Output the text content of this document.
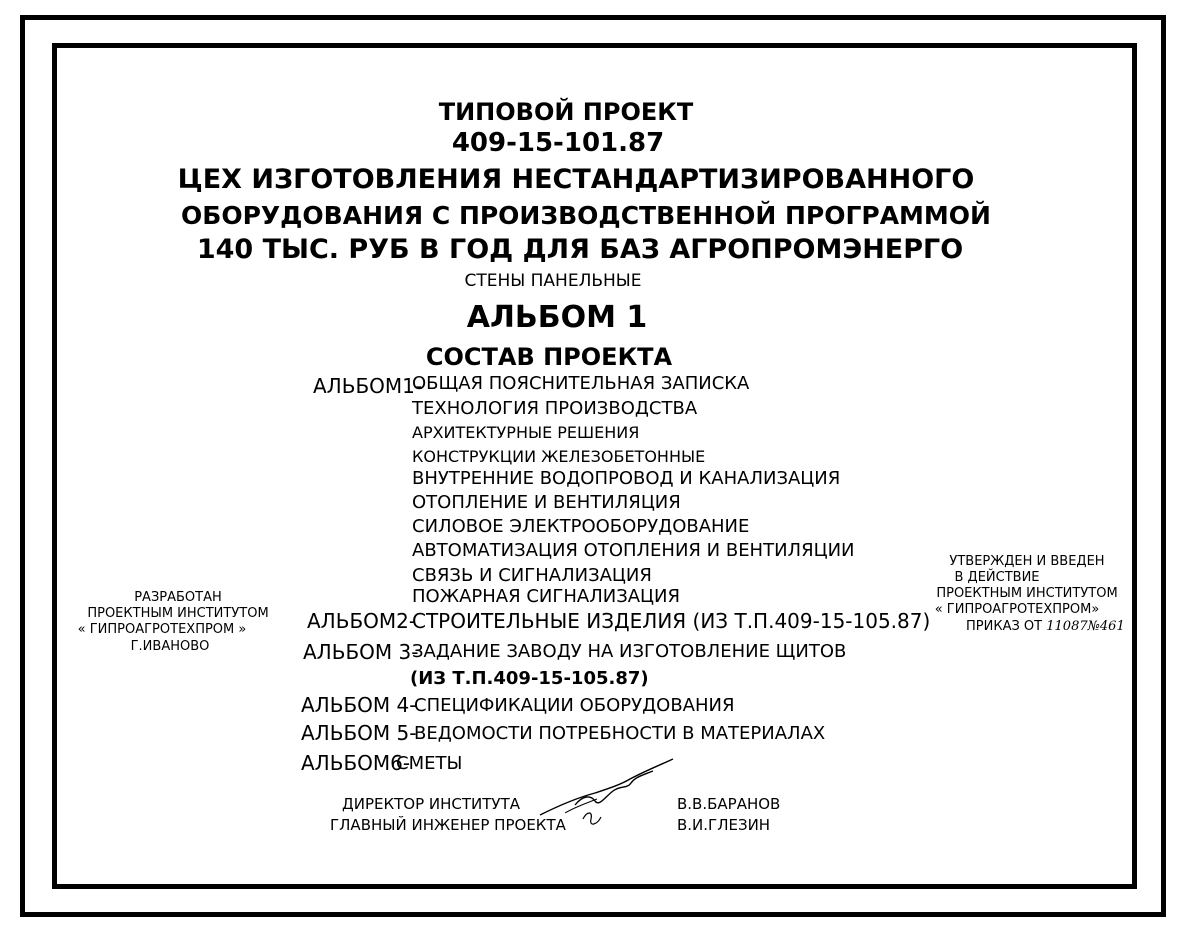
ТИПОВОЙ ПРОЕКТ
409-15-101.87
ЦЕХ ИЗГОТОВЛЕНИЯ НЕСТАНДАРТИЗИРОВАННОГО
ОБОРУДОВАНИЯ С ПРОИЗВОДСТВЕННОЙ ПРОГРАММОЙ
140 ТЫС. РУБ В ГОД ДЛЯ БАЗ АГРОПРОМЭНЕРГО
СТЕНЫ ПАНЕЛЬНЫЕ
АЛЬБОМ 1
СОСТАВ ПРОЕКТА
АЛЬБОМ1-
ОБЩАЯ ПОЯСНИТЕЛЬНАЯ ЗАПИСКА
ТЕХНОЛОГИЯ ПРОИЗВОДСТВА
АРХИТЕКТУРНЫЕ РЕШЕНИЯ
КОНСТРУКЦИИ ЖЕЛЕЗОБЕТОННЫЕ
ВНУТРЕННИЕ ВОДОПРОВОД И КАНАЛИЗАЦИЯ
ОТОПЛЕНИЕ И ВЕНТИЛЯЦИЯ
СИЛОВОЕ ЭЛЕКТРООБОРУДОВАНИЕ
АВТОМАТИЗАЦИЯ ОТОПЛЕНИЯ И ВЕНТИЛЯЦИИ
СВЯЗЬ И СИГНАЛИЗАЦИЯ
ПОЖАРНАЯ СИГНАЛИЗАЦИЯ
АЛЬБОМ2-
СТРОИТЕЛЬНЫЕ ИЗДЕЛИЯ (ИЗ Т.П.409-15-105.87)
АЛЬБОМ 3-
ЗАДАНИЕ ЗАВОДУ НА ИЗГОТОВЛЕНИЕ ЩИТОВ
(ИЗ Т.П.409-15-105.87)
АЛЬБОМ 4-
СПЕЦИФИКАЦИИ ОБОРУДОВАНИЯ
АЛЬБОМ 5-
ВЕДОМОСТИ ПОТРЕБНОСТИ В МАТЕРИАЛАХ
АЛЬБОМ6-
СМЕТЫ
РАЗРАБОТАН
ПРОЕКТНЫМ ИНСТИТУТОМ
« ГИПРОАГРОТЕХПРОМ »
Г.ИВАНОВО
УТВЕРЖДЕН И ВВЕДЕН
В ДЕЙСТВИЕ
ПРОЕКТНЫМ ИНСТИТУТОМ
« ГИПРОАГРОТЕХПРОМ»
ПРИКАЗ ОТ 11087№461
ДИРЕКТОР ИНСТИТУТА
ГЛАВНЫЙ ИНЖЕНЕР ПРОЕКТА
В.В.БАРАНОВ
В.И.ГЛЕЗИН
